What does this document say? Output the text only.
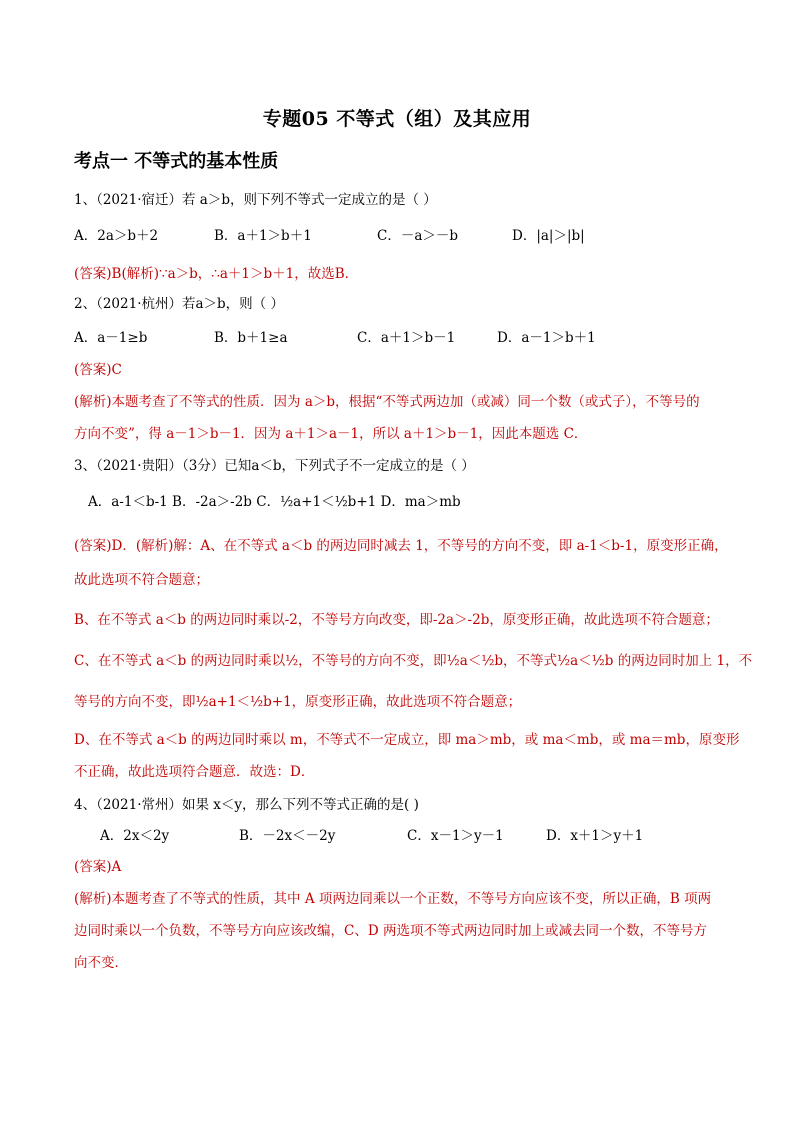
专题05 不等式（组）及其应用
考点一 不等式的基本性质
1、（2021·宿迁）若 a＞b，则下列不等式一定成立的是（ ）
A．2a＞b＋2	B．a＋1＞b＋1	C．－a＞－b	D．|a|＞|b|
(答案)B(解析)∵a＞b，∴a＋1＞b＋1，故选B．
2、（2021·杭州）若a＞b，则（ ）
A．a－1≥b	B．b＋1≥a	C．a＋1＞b－1	D．a－1＞b＋1
(答案)C
(解析)本题考查了不等式的性质．因为 a＞b，根据“不等式两边加（或减）同一个数（或式子），不等号的
方向不变”，得 a－1＞b－1．因为 a＋1＞a－1，所以 a＋1＞b－1，因此本题选 C．
3、（2021·贵阳）（3分）已知a＜b，下列式子不一定成立的是（ ）
A．a-1＜b-1 B．-2a＞-2b C．½a+1＜½b+1 D．ma＞mb
(答案)D．(解析)解：A、在不等式 a＜b 的两边同时减去 1，不等号的方向不变，即 a-1＜b-1，原变形正确，
故此选项不符合题意；
B、在不等式 a＜b 的两边同时乘以-2，不等号方向改变，即-2a＞-2b，原变形正确，故此选项不符合题意；
C、在不等式 a＜b 的两边同时乘以½，不等号的方向不变，即½a＜½b，不等式½a＜½b 的两边同时加上 1，不
等号的方向不变，即½a+1＜½b+1，原变形正确，故此选项不符合题意；
D、在不等式 a＜b 的两边同时乘以 m，不等式不一定成立，即 ma＞mb，或 ma＜mb，或 ma＝mb，原变形
不正确，故此选项符合题意．故选：D．
4、（2021·常州）如果 x＜y，那么下列不等式正确的是( )
A．2x＜2y	B．－2x＜－2y	C．x－1＞y－1	D．x＋1＞y＋1
(答案)A
(解析)本题考查了不等式的性质，其中 A 项两边同乘以一个正数，不等号方向应该不变，所以正确，B 项两
边同时乘以一个负数，不等号方向应该改编，C、D 两选项不等式两边同时加上或减去同一个数，不等号方
向不变．
